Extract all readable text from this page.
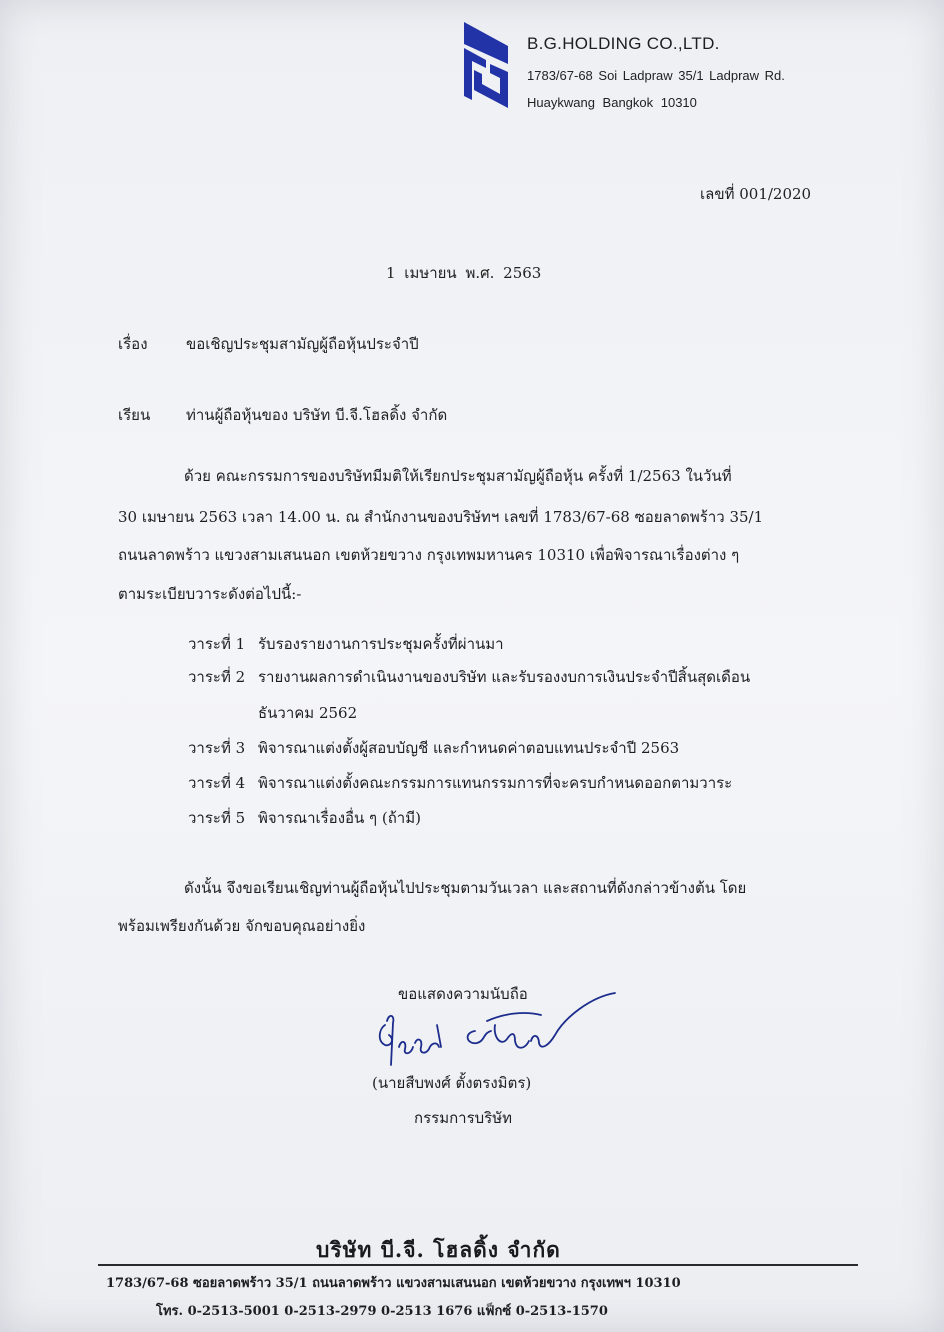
B.G.HOLDING CO.,LTD.
1783/67-68 Soi Ladpraw 35/1 Ladpraw Rd.
Huaykwang Bangkok 10310
เลขที่ 001/2020
1 เมษายน พ.ศ. 2563
เรื่อง	ขอเชิญประชุมสามัญผู้ถือหุ้นประจำปี
เรียน ท่านผู้ถือหุ้นของ บริษัท บี.จี.โฮลดิ้ง จำกัด
ด้วย คณะกรรมการของบริษัทมีมติให้เรียกประชุมสามัญผู้ถือหุ้น ครั้งที่ 1/2563 ในวันที่
30 เมษายน 2563 เวลา 14.00 น. ณ สำนักงานของบริษัทฯ เลขที่ 1783/67-68 ซอยลาดพร้าว 35/1
ถนนลาดพร้าว แขวงสามเสนนอก เขตห้วยขวาง กรุงเทพมหานคร 10310 เพื่อพิจารณาเรื่องต่าง ๆ
ตามระเบียบวาระดังต่อไปนี้:-
วาระที่ 1 รับรองรายงานการประชุมครั้งที่ผ่านมา
วาระที่ 2 รายงานผลการดำเนินงานของบริษัท และรับรองงบการเงินประจำปีสิ้นสุดเดือน
ธันวาคม 2562
วาระที่ 3 พิจารณาแต่งตั้งผู้สอบบัญชี และกำหนดค่าตอบแทนประจำปี 2563
วาระที่ 4 พิจารณาแต่งตั้งคณะกรรมการแทนกรรมการที่จะครบกำหนดออกตามวาระ
วาระที่ 5 พิจารณาเรื่องอื่น ๆ (ถ้ามี)
ดังนั้น จึงขอเรียนเชิญท่านผู้ถือหุ้นไปประชุมตามวันเวลา และสถานที่ดังกล่าวข้างต้น โดย
พร้อมเพรียงกันด้วย จักขอบคุณอย่างยิ่ง
ขอแสดงความนับถือ
(นายสืบพงศ์ ตั้งตรงมิตร)
กรรมการบริษัท
บริษัท บี.จี. โฮลดิ้ง จำกัด
1783/67-68 ซอยลาดพร้าว 35/1 ถนนลาดพร้าว แขวงสามเสนนอก เขตห้วยขวาง กรุงเทพฯ 10310
โทร. 0-2513-5001 0-2513-2979 0-2513 1676 แฟ็กซ์ 0-2513-1570
